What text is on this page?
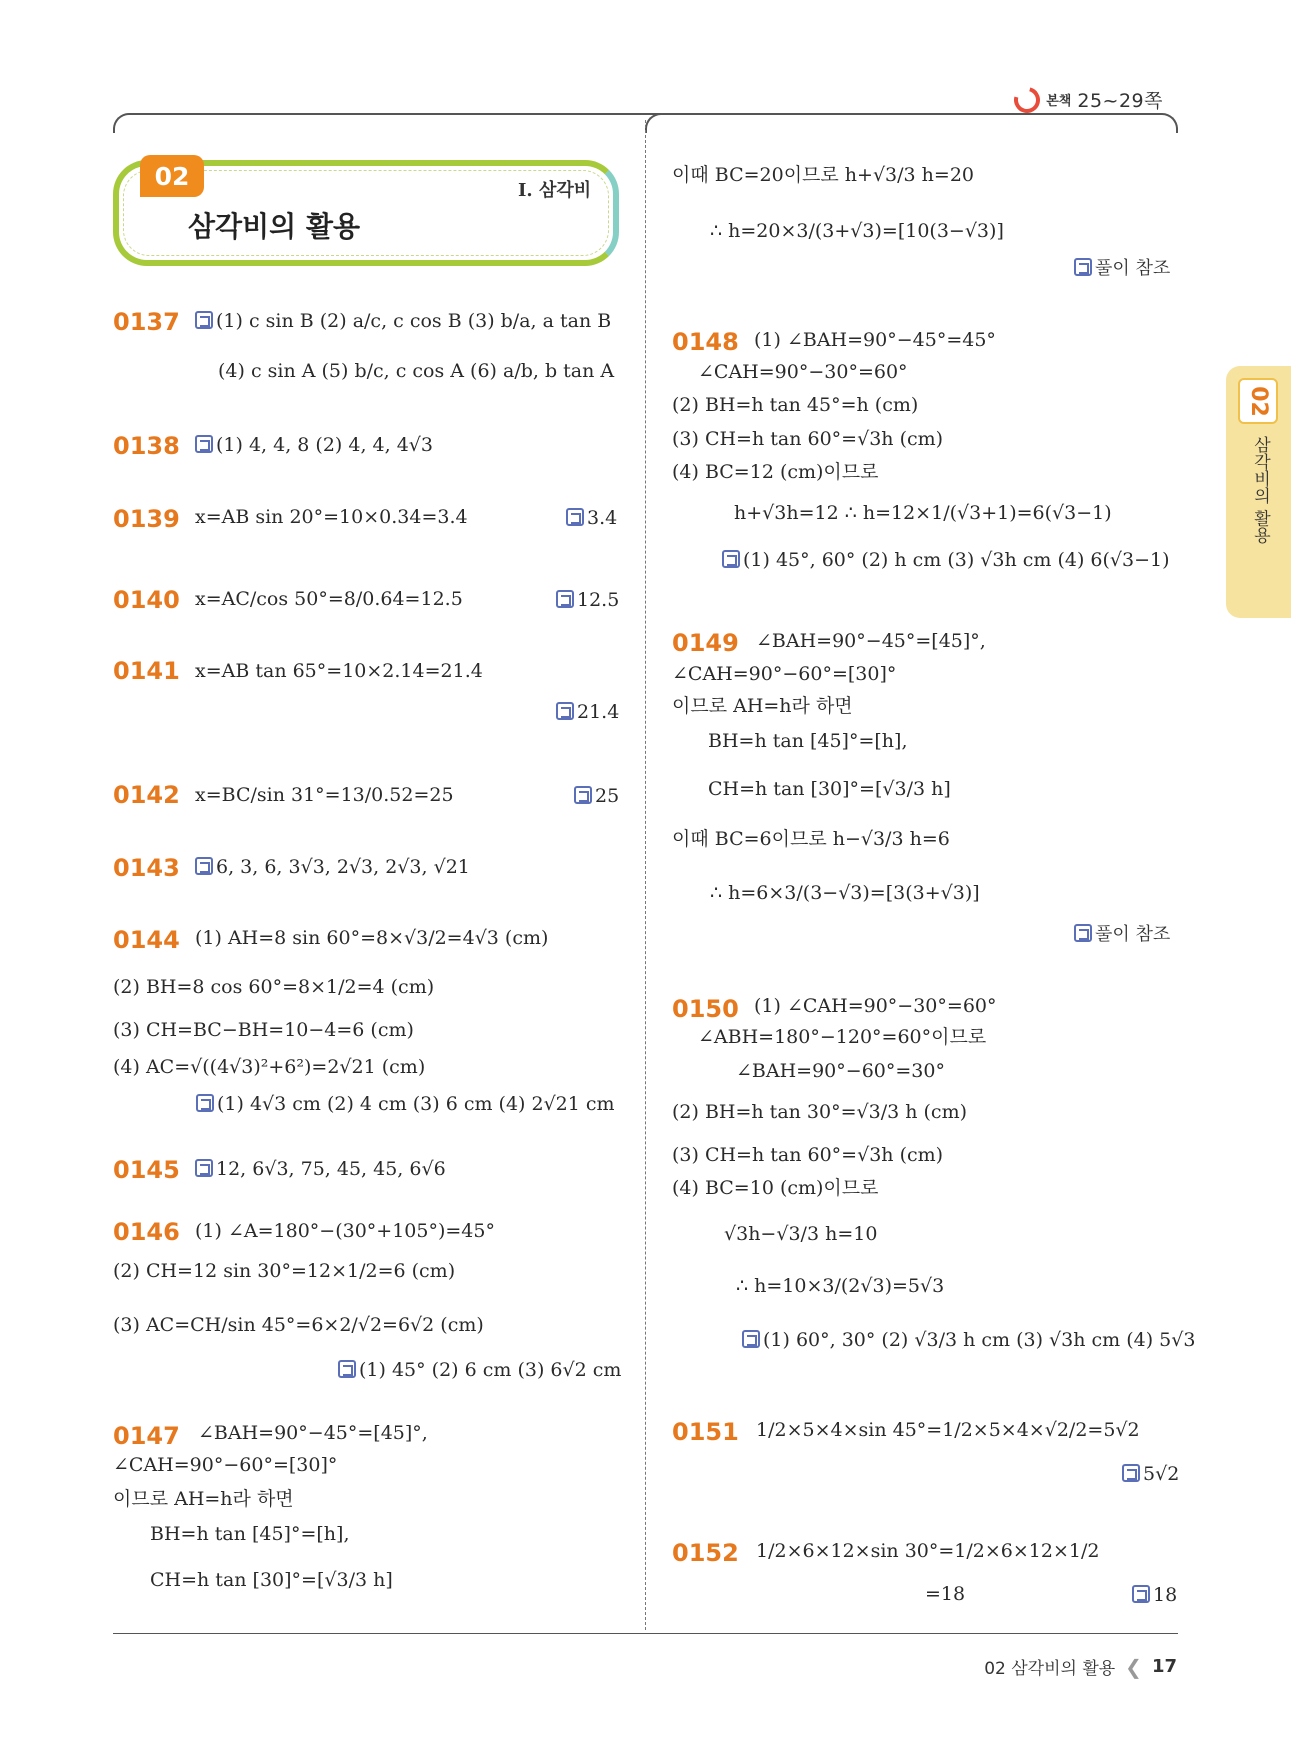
본책 25~29쪽
02
삼각비의 활용
I. 삼각비
02
삼각비의 활용
0137	(1) c sin B (2) a/c, c cos B (3) b/a, a tan B
(4) c sin A (5) b/c, c cos A (6) a/b, b tan A
0138	(1) 4, 4, 8 (2) 4, 4, 4√3
0139 x=AB sin 20°=10×0.34=3.4	3.4
0140 x=AC/cos 50°=8/0.64=12.5	12.5
0141 x=AB tan 65°=10×2.14=21.4
21.4
0142 x=BC/sin 31°=13/0.52=25	25
0143	6, 3, 6, 3√3, 2√3, 2√3, √21
0144 (1) AH=8 sin 60°=8×√3/2=4√3 (cm)
(2) BH=8 cos 60°=8×1/2=4 (cm)
(3) CH=BC−BH=10−4=6 (cm)
(4) AC=√((4√3)²+6²)=2√21 (cm)
(1) 4√3 cm (2) 4 cm (3) 6 cm (4) 2√21 cm
0145	12, 6√3, 75, 45, 45, 6√6
0146 (1) ∠A=180°−(30°+105°)=45°
(2) CH=12 sin 30°=12×1/2=6 (cm)
(3) AC=CH/sin 45°=6×2/√2=6√2 (cm)
(1) 45° (2) 6 cm (3) 6√2 cm
0147 ∠BAH=90°−45°=[45]°,
∠CAH=90°−60°=[30]°
이므로 AH=h라 하면
BH=h tan [45]°=[h],
CH=h tan [30]°=[√3/3 h]
이때 BC=20이므로 h+√3/3 h=20
∴ h=20×3/(3+√3)=[10(3−√3)]
풀이 참조
0148 (1) ∠BAH=90°−45°=45°
∠CAH=90°−30°=60°
(2) BH=h tan 45°=h (cm)
(3) CH=h tan 60°=√3h (cm)
(4) BC=12 (cm)이므로
h+√3h=12 ∴ h=12×1/(√3+1)=6(√3−1)
(1) 45°, 60° (2) h cm (3) √3h cm (4) 6(√3−1)
0149 ∠BAH=90°−45°=[45]°,
∠CAH=90°−60°=[30]°
이므로 AH=h라 하면
BH=h tan [45]°=[h],
CH=h tan [30]°=[√3/3 h]
이때 BC=6이므로 h−√3/3 h=6
∴ h=6×3/(3−√3)=[3(3+√3)]
풀이 참조
0150 (1) ∠CAH=90°−30°=60°
∠ABH=180°−120°=60°이므로
∠BAH=90°−60°=30°
(2) BH=h tan 30°=√3/3 h (cm)
(3) CH=h tan 60°=√3h (cm)
(4) BC=10 (cm)이므로
√3h−√3/3 h=10
∴ h=10×3/(2√3)=5√3
(1) 60°, 30° (2) √3/3 h cm (3) √3h cm (4) 5√3
0151 1/2×5×4×sin 45°=1/2×5×4×√2/2=5√2
5√2
0152 1/2×6×12×sin 30°=1/2×6×12×1/2
=18	18
02 삼각비의 활용 ❮ 17
